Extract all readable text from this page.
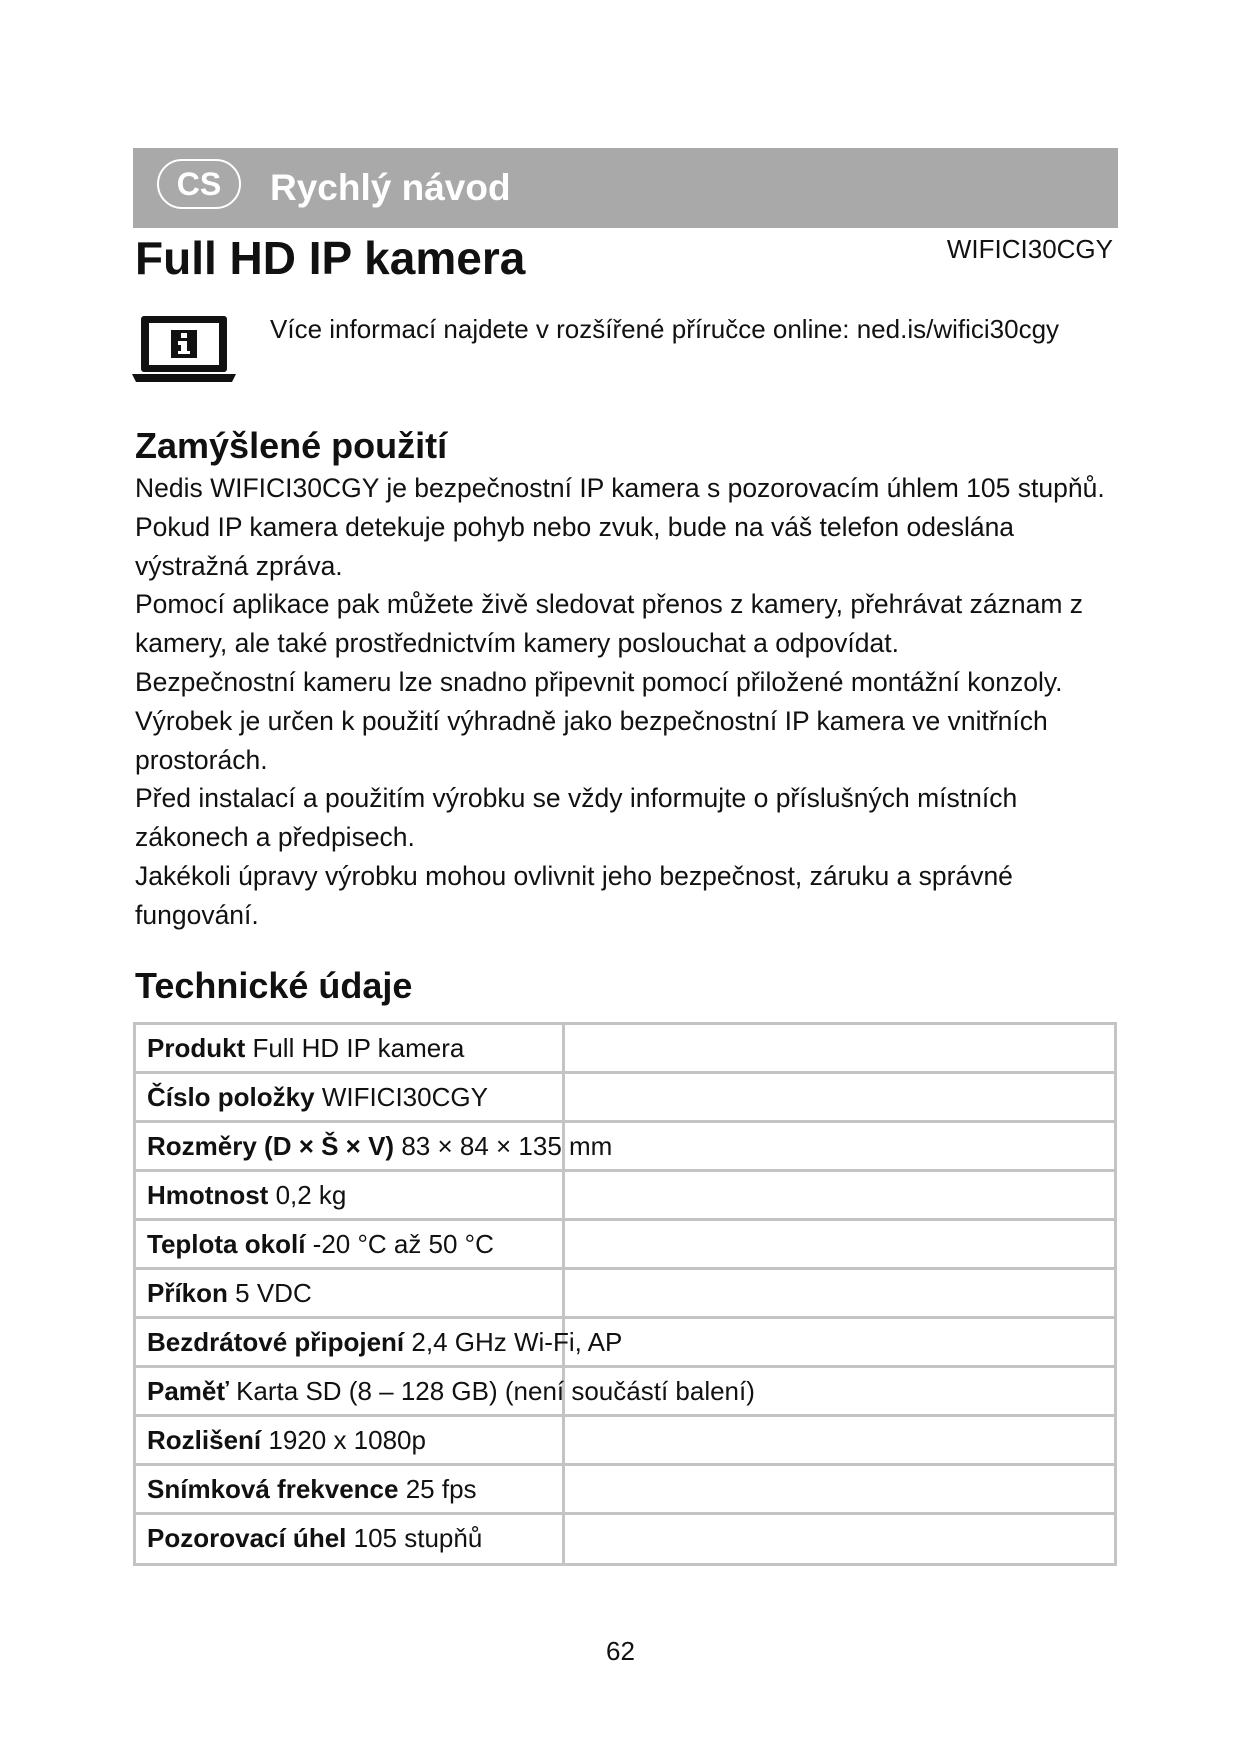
CS	Rychlý návod
Full HD IP kamera	WIFICI30CGY
Více informací najdete v rozšířené příručce online: ned.is/wifici30cgy
Zamýšlené použití

Nedis WIFICI30CGY je bezpečnostní IP kamera s pozorovacím úhlem 105 stupňů. Pokud IP kamera detekuje pohyb nebo zvuk, bude na váš telefon odeslána výstražná zpráva.

Pomocí aplikace pak můžete živě sledovat přenos z kamery, přehrávat záznam z kamery, ale také prostřednictvím kamery poslouchat a odpovídat.

Bezpečnostní kameru lze snadno připevnit pomocí přiložené montážní konzoly.

Výrobek je určen k použití výhradně jako bezpečnostní IP kamera ve vnitřních prostorách.

Před instalací a použitím výrobku se vždy informujte o příslušných místních zákonech a předpisech.

Jakékoli úpravy výrobku mohou ovlivnit jeho bezpečnost, záruku a správné fungování.

Technické údaje
Produkt Full HD IP kamera
Číslo položky WIFICI30CGY
Rozměry (D × Š × V) 83 × 84 × 135 mm
Hmotnost 0,2 kg
Teplota okolí -20 °C až 50 °C
Příkon 5 VDC
Bezdrátové připojení 2,4 GHz Wi-Fi, AP
Paměť Karta SD (8 – 128 GB) (není součástí balení)
Rozlišení 1920 x 1080p
Snímková frekvence 25 fps
Pozorovací úhel 105 stupňů
62
